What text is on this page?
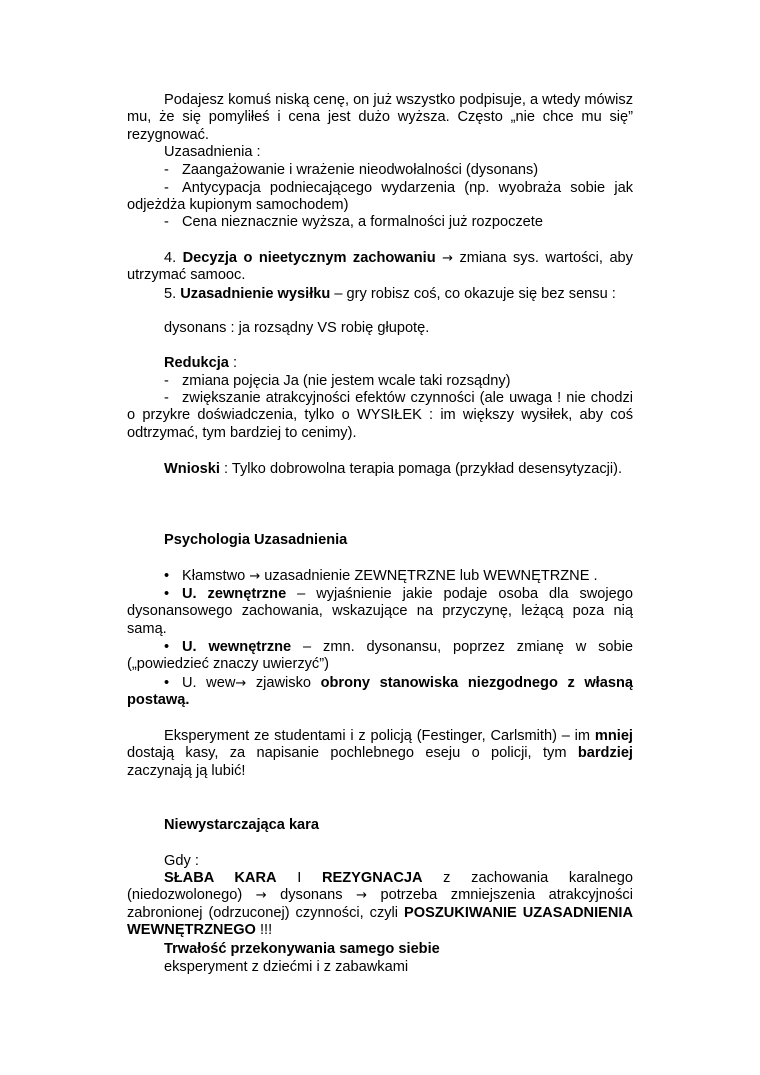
Podajesz komuś niską cenę, on już wszystko podpisuje, a wtedy mówisz mu, że się pomyliłeś i cena jest dużo wyższa. Często „nie chce mu się” rezygnować.

Uzasadnienia :

- Zaangażowanie i wrażenie nieodwołalności (dysonans)

- Antycypacja podniecającego wydarzenia (np. wyobraża sobie jak odjeżdża kupionym samochodem)

- Cena nieznacznie wyższa, a formalności już rozpoczete

4. Decyzja o nieetycznym zachowaniu → zmiana sys. wartości, aby utrzymać samooc.

5. Uzasadnienie wysiłku – gry robisz coś, co okazuje się bez sensu :

dysonans : ja rozsądny VS robię głupotę.

Redukcja :

- zmiana pojęcia Ja (nie jestem wcale taki rozsądny)

- zwiększanie atrakcyjności efektów czynności (ale uwaga ! nie chodzi o przykre doświadczenia, tylko o WYSIŁEK : im większy wysiłek, aby coś odtrzymać, tym bardziej to cenimy).

Wnioski : Tylko dobrowolna terapia pomaga (przykład desensytyzacji).

Psychologia Uzasadnienia

• Kłamstwo → uzasadnienie ZEWNĘTRZNE lub WEWNĘTRZNE .

• U. zewnętrzne – wyjaśnienie jakie podaje osoba dla swojego dysonansowego zachowania, wskazujące na przyczynę, leżącą poza nią samą.

• U. wewnętrzne – zmn. dysonansu, poprzez zmianę w sobie („powiedzieć znaczy uwierzyć”)

• U. wew→ zjawisko obrony stanowiska niezgodnego z własną postawą.

Eksperyment ze studentami i z policją (Festinger, Carlsmith) – im mniej dostają kasy, za napisanie pochlebnego eseju o policji, tym bardziej zaczynają ją lubić!

Niewystarczająca kara

Gdy :

SŁABA KARA I REZYGNACJA z zachowania karalnego (niedozwolonego) → dysonans → potrzeba zmniejszenia atrakcyjności zabronionej (odrzuconej) czynności, czyli POSZUKIWANIE UZASADNIENIA WEWNĘTRZNEGO !!!

Trwałość przekonywania samego siebie

eksperyment z dziećmi i z zabawkami
